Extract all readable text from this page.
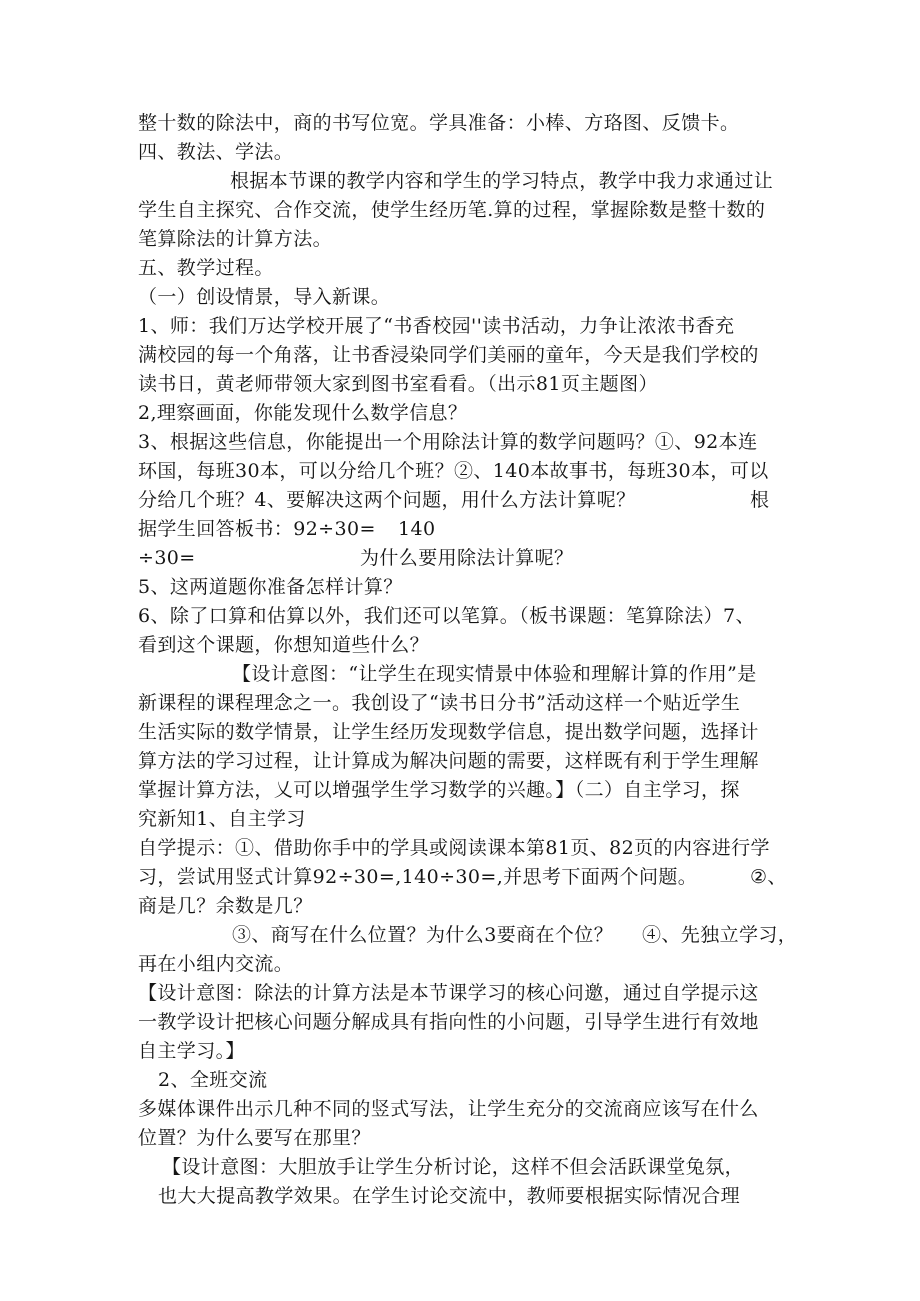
整十数的除法中，商的书写位宽。学具准备：小棒、方珞图、反馈卡。
四、教法、学法。
根据本节课的教学内容和学生的学习特点，教学中我力求通过让
学生自主探究、合作交流，使学生经历笔.算的过程，掌握除数是整十数的
笔算除法的计算方法。
五、教学过程。
（一）创设情景，导入新课。
1、师：我们万达学校开展了“书香校园''读书活动，力争让浓浓书香充
满校园的每一个角落，让书香浸染同学们美丽的童年，今天是我们学校的
读书日，黄老师带领大家到图书室看看。（出示81页主题图）
2,理察画面，你能发现什么数学信息？
3、根据这些信息，你能提出一个用除法计算的数学问题吗？①、92本连
环国，每班30本，可以分给几个班？②、140本故事书，每班30本，可以
分给几个班？4、要解决这两个问题，用什么方法计算呢？	根
据学生回答板书：92÷30= 140
÷30=	为什么要用除法计算呢？
5、这两道题你准备怎样计算？
6、除了口算和估算以外，我们还可以笔算。（板书课题：笔算除法）7、
看到这个课题，你想知道些什么？
【设计意图：“让学生在现实情景中体验和理解计算的作用”是
新课程的课程理念之一。我创设了“读书日分书”活动这样一个贴近学生
生活实际的数学情景，让学生经历发现数学信息，提出数学问题，选择计
算方法的学习过程，让计算成为解决问题的需要，这样既有利于学生理解
掌握计算方法，乂可以增强学生学习数学的兴趣。】（二）自主学习，探
究新知1、自主学习
自学提示：①、借助你手中的学具或阅读课本第81页、82页的内容进行学
习，尝试用竖式计算92÷30=,140÷30=,并思考下面两个问题。	②、
商是几？余数是几？
③、商写在什么位置？为什么3要商在个位？ ④、先独立学习，
再在小组内交流。
【设计意图：除法的计算方法是本节课学习的核心问邀，通过自学提示这
一教学设计把核心问题分解成具有指向性的小问题，引导学生进行有效地
自主学习。】
2、全班交流
多媒体课件出示几种不同的竖式写法，让学生充分的交流商应该写在什么
位置？为什么要写在那里？
【设计意图：大胆放手让学生分析讨论，这样不但会活跃课堂兔氛，
也大大提高教学效果。在学生讨论交流中，教师要根据实际情况合理
